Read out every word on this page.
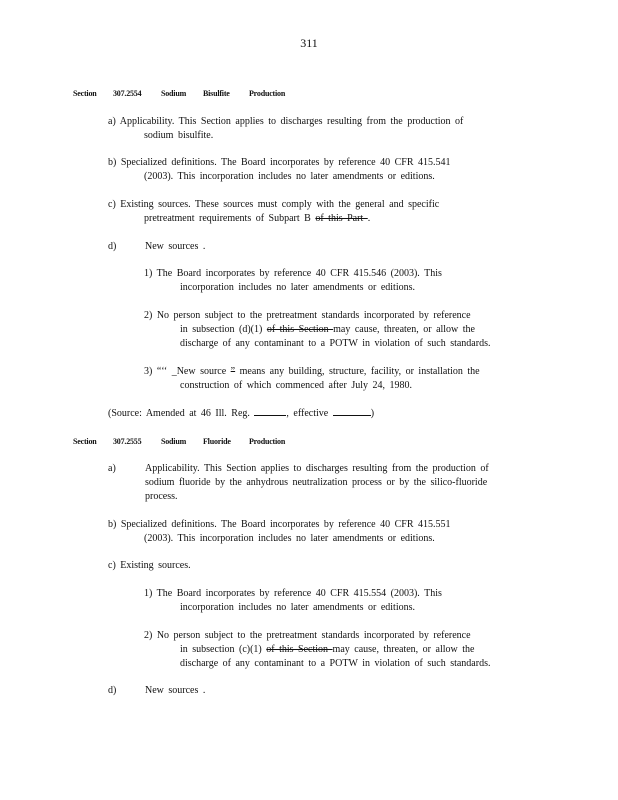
311
Section 307.2554 Sodium Bisulfite Production
a) Applicability. This Section applies to discharges resulting from the production of
sodium bisulfite.
b) Specialized definitions. The Board incorporates by reference 40 CFR 415.541
(2003). This incorporation includes no later amendments or editions.
c) Existing sources. These sources must comply with the general and specific
pretreatment requirements of Subpart B of this Part .
d)	New sources .
1) The Board incorporates by reference 40 CFR 415.546 (2003). This
incorporation includes no later amendments or editions.
2) No person subject to the pretreatment standards incorporated by reference
in subsection (d)(1) of this Section may cause, threaten, or allow the
discharge of any contaminant to a POTW in violation of such standards.
3) “‘‘ _New source ” means any building, structure, facility, or installation the
construction of which commenced after July 24, 1980.
(Source: Amended at 46 Ill. Reg.	, effective	)
Section 307.2555 Sodium Fluoride Production
a)	Applicability. This Section applies to discharges resulting from the production of
sodium fluoride by the anhydrous neutralization process or by the silico-fluoride
process.
b) Specialized definitions. The Board incorporates by reference 40 CFR 415.551
(2003). This incorporation includes no later amendments or editions.
c) Existing sources.
1) The Board incorporates by reference 40 CFR 415.554 (2003). This
incorporation includes no later amendments or editions.
2) No person subject to the pretreatment standards incorporated by reference
in subsection (c)(1) of this Section may cause, threaten, or allow the
discharge of any contaminant to a POTW in violation of such standards.
d)	New sources .
